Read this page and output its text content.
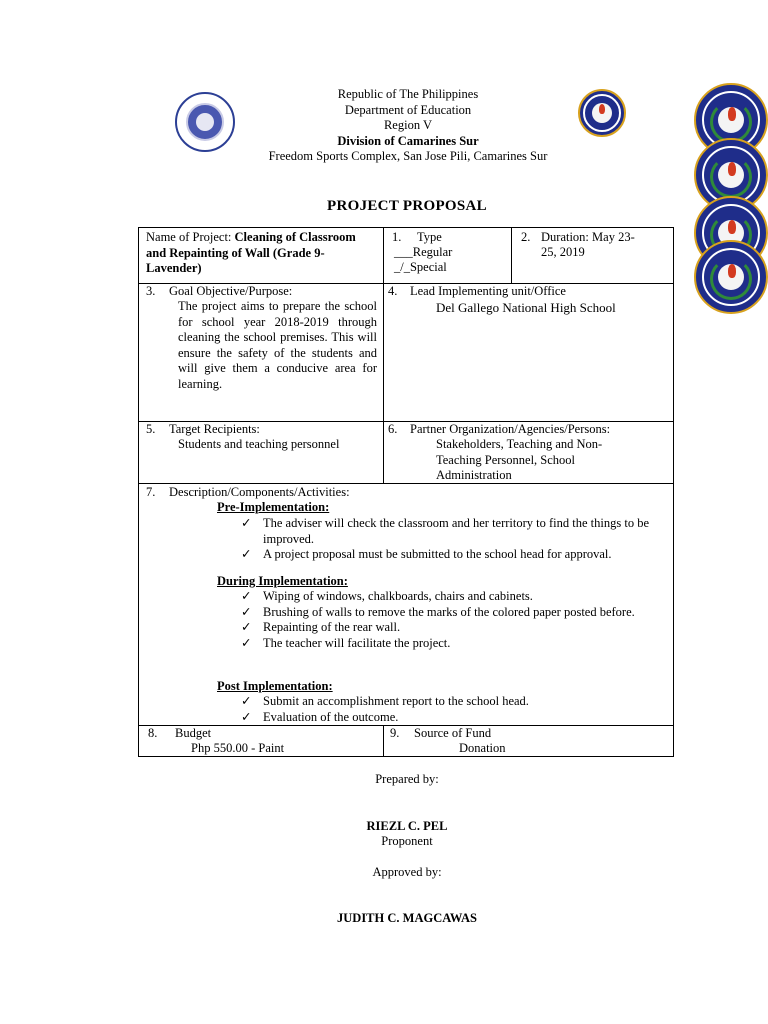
Republic of The Philippines
Department of Education
Region V
Division of Camarines Sur
Freedom Sports Complex, San Jose Pili, Camarines Sur
PROJECT PROPOSAL
Name of Project: Cleaning of Classroom and Repainting of Wall (Grade 9-Lavender)
1. Type
___Regular
_/_Special
2. Duration: May 23-
25, 2019
3. Goal Objective/Purpose:
The project aims to prepare the school for school year 2018-2019 through cleaning the school premises. This will ensure the safety of the students and will give them a conducive area for learning.
4. Lead Implementing unit/Office
Del Gallego National High School
5. Target Recipients:
Students and teaching personnel
6. Partner Organization/Agencies/Persons:
Stakeholders, Teaching and Non-Teaching Personnel, School Administration
7. Description/Components/Activities:
Pre-Implementation:
✓ The adviser will check the classroom and her territory to find the things to be improved.
✓ A project proposal must be submitted to the school head for approval.
During Implementation:
✓ Wiping of windows, chalkboards, chairs and cabinets.
✓ Brushing of walls to remove the marks of the colored paper posted before.
✓ Repainting of the rear wall.
✓ The teacher will facilitate the project.
Post Implementation:
✓ Submit an accomplishment report to the school head.
✓ Evaluation of the outcome.
8. Budget
Php 550.00 - Paint
9. Source of Fund
Donation
Prepared by:
RIEZL C. PEL
Proponent
Approved by:
JUDITH C. MAGCAWAS
